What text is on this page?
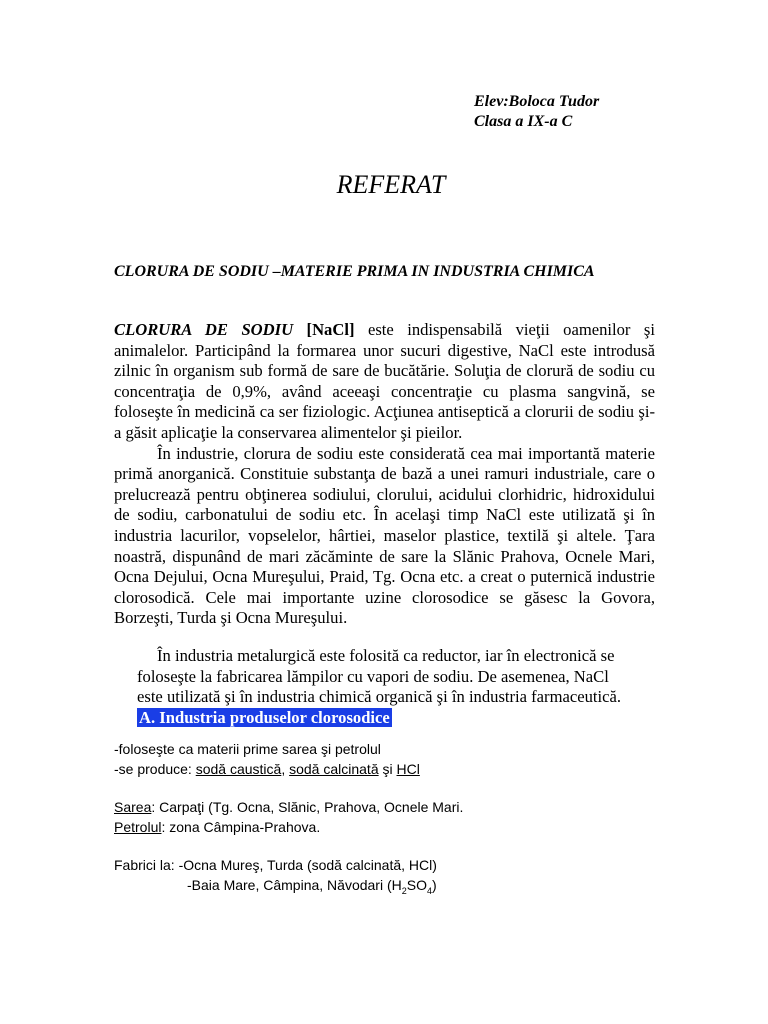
Elev:Boloca Tudor
Clasa a IX-a C
REFERAT
CLORURA DE SODIU –MATERIE PRIMA IN INDUSTRIA CHIMICA

CLORURA DE SODIU [NaCl] este indispensabilă vieţii oamenilor şi animalelor. Participând la formarea unor sucuri digestive, NaCl este introdusă zilnic în organism sub formă de sare de bucătărie. Soluţia de clorură de sodiu cu concentraţia de 0,9%, având aceeaşi concentraţie cu plasma sangvină, se foloseşte în medicină ca ser fiziologic. Acţiunea antiseptică a clorurii de sodiu şi-a găsit aplicaţie la conservarea alimentelor şi pieilor.

În industrie, clorura de sodiu este considerată cea mai importantă materie primă anorganică. Constituie substanţa de bază a unei ramuri industriale, care o prelucrează pentru obţinerea sodiului, clorului, acidului clorhidric, hidroxidului de sodiu, carbonatului de sodiu etc. În acelaşi timp NaCl este utilizată şi în industria lacurilor, vopselelor, hârtiei, maselor plastice, textilă şi altele. Ţara noastră, dispunând de mari zăcăminte de sare la Slănic Prahova, Ocnele Mari, Ocna Dejului, Ocna Mureşului, Praid, Tg. Ocna etc. a creat o puternică industrie clorosodică. Cele mai importante uzine clorosodice se găsesc la Govora, Borzeşti, Turda şi Ocna Mureşului.

În industria metalurgică este folosită ca reductor, iar în electronică se

foloseşte la fabricarea lămpilor cu vapori de sodiu. De asemenea, NaCl

este utilizată şi în industria chimică organică şi în industria farmaceutică.

A. Industria produselor clorosodice

-foloseşte ca materii prime sarea şi petrolul
-se produce: sodă caustică, sodă calcinată şi HCl
Sarea: Carpaţi (Tg. Ocna, Slănic, Prahova, Ocnele Mari.
Petrolul: zona Câmpina-Prahova.
Fabrici la: -Ocna Mureş, Turda (sodă calcinată, HCl)
-Baia Mare, Câmpina, Năvodari $(H_2SO_4)$
